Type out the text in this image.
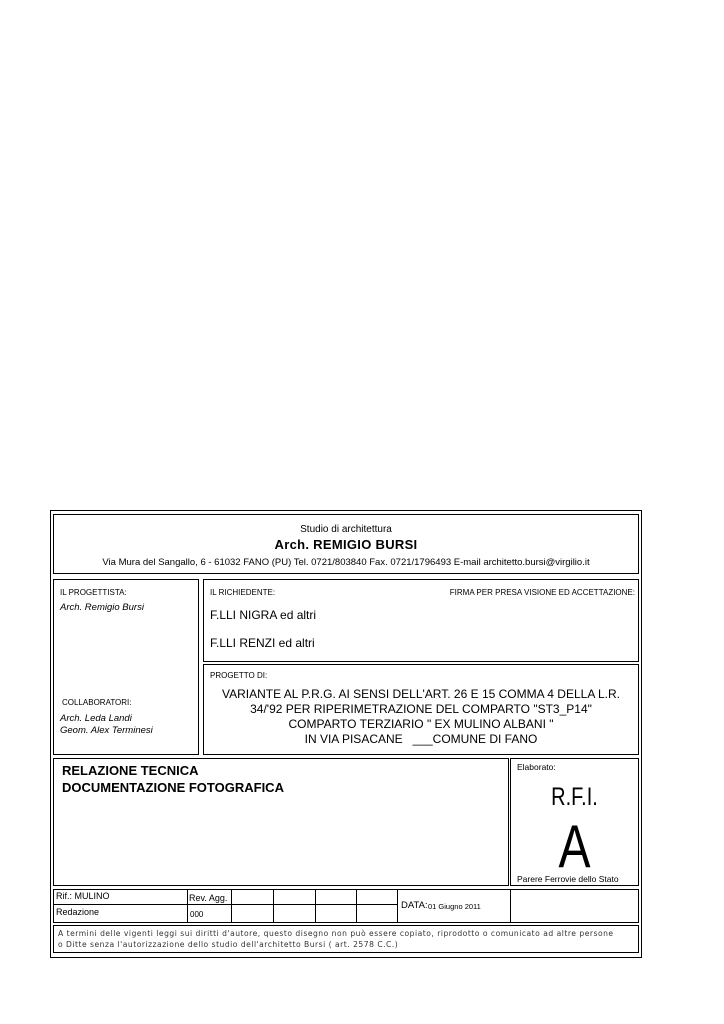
Studio di architettura
Arch. REMIGIO BURSI
Via Mura del Sangallo, 6 - 61032 FANO (PU) Tel. 0721/803840 Fax. 0721/1796493 E-mail architetto.bursi@virgilio.it
IL PROGETTISTA:
Arch. Remigio Bursi
COLLABORATORI:
Arch. Leda Landi
Geom. Alex Terminesi
IL RICHIEDENTE:	FIRMA PER PRESA VISIONE ED ACCETTAZIONE:
F.LLI NIGRA ed altri
F.LLI RENZI ed altri
PROGETTO DI:
VARIANTE AL P.R.G. AI SENSI DELL'ART. 26 E 15 COMMA 4 DELLA L.R.
34/'92 PER RIPERIMETRAZIONE DEL COMPARTO "ST3_P14"
COMPARTO TERZIARIO " EX MULINO ALBANI "
IN VIA PISACANE   ___COMUNE DI FANO
RELAZIONE TECNICA
DOCUMENTAZIONE FOTOGRAFICA
Elaborato:
R.F.I.
A
Parere Ferrovie dello Stato
Rif.: MULINO
Redazione
Rev. Agg.
000
DATA: 01 Giugno 2011
A termini delle vigenti leggi sui diritti d'autore, questo disegno non può essere copiato, riprodotto o comunicato ad altre persone
o Ditte senza l'autorizzazione dello studio dell'architetto Bursi ( art. 2578 C.C.)
